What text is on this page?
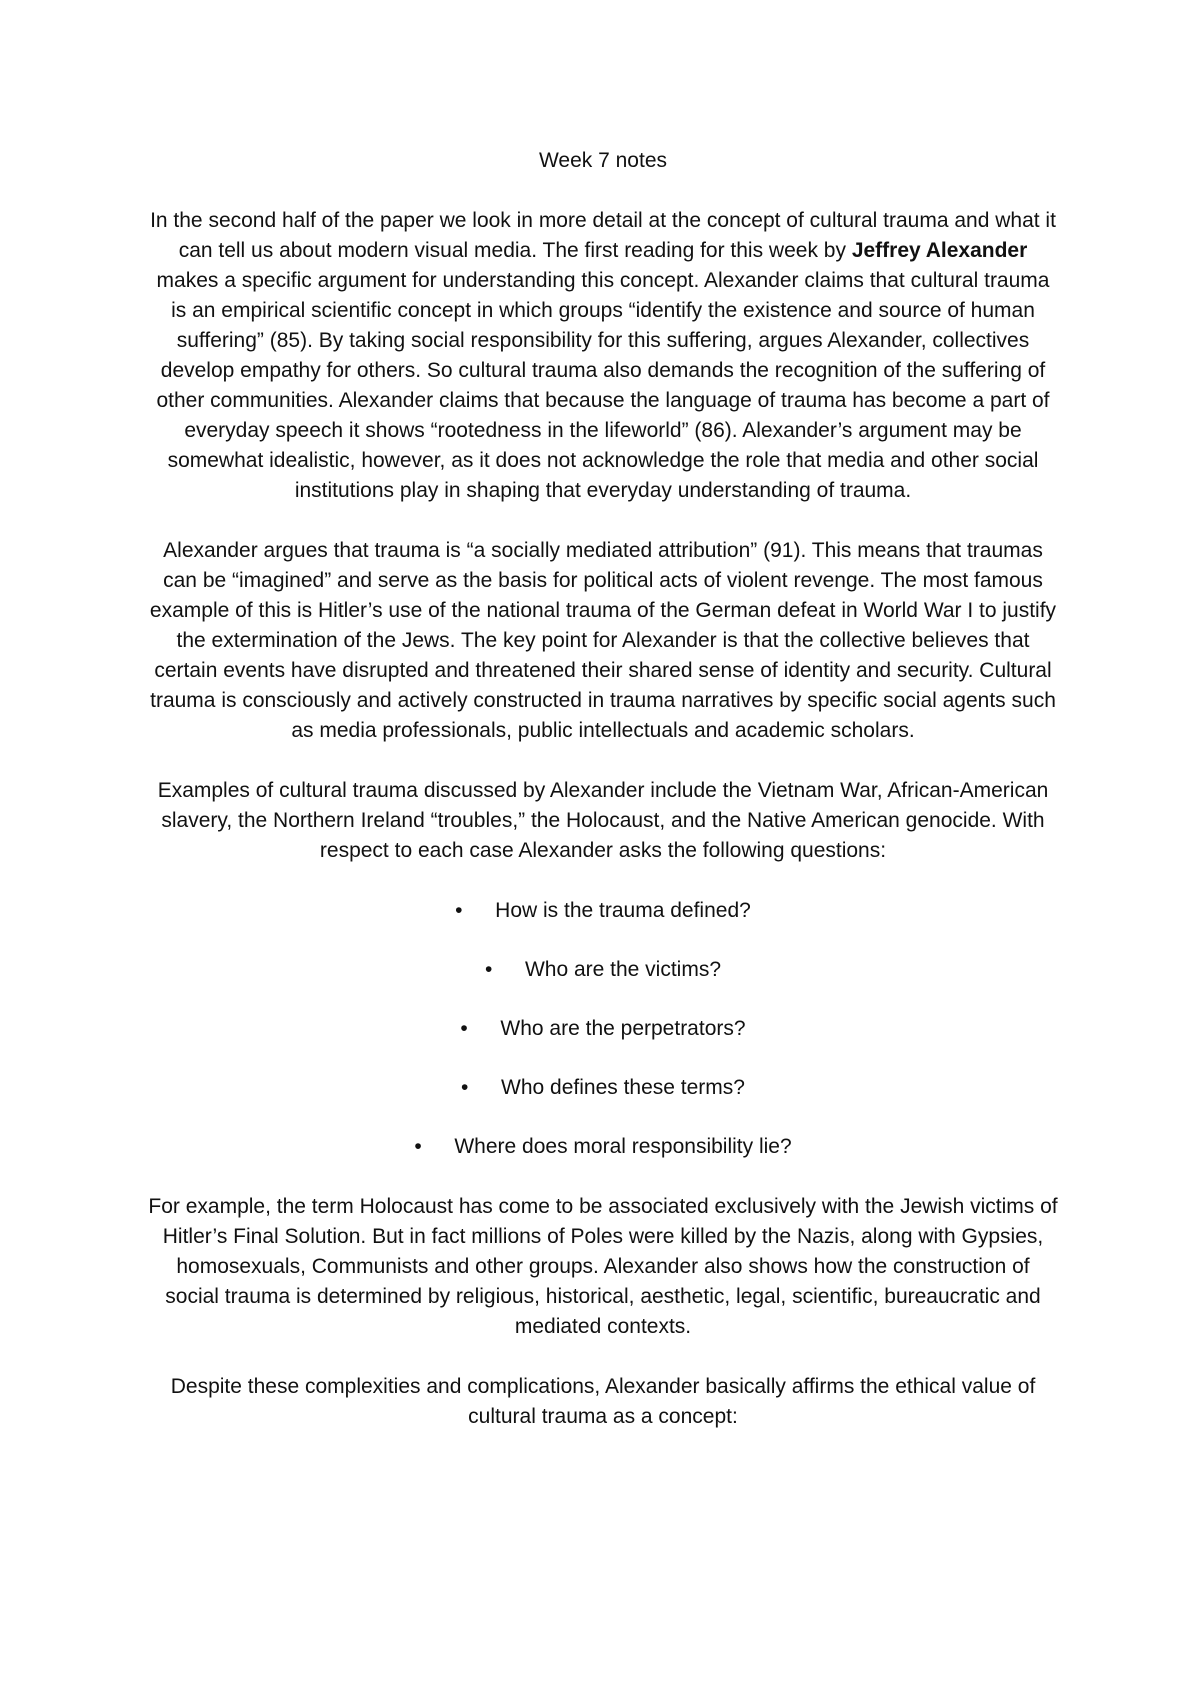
Week 7 notes

In the second half of the paper we look in more detail at the concept of cultural trauma and what it can tell us about modern visual media. The first reading for this week by Jeffrey Alexander makes a specific argument for understanding this concept. Alexander claims that cultural trauma is an empirical scientific concept in which groups “identify the existence and source of human suffering” (85). By taking social responsibility for this suffering, argues Alexander, collectives develop empathy for others. So cultural trauma also demands the recognition of the suffering of other communities. Alexander claims that because the language of trauma has become a part of everyday speech it shows “rootedness in the lifeworld” (86). Alexander’s argument may be somewhat idealistic, however, as it does not acknowledge the role that media and other social institutions play in shaping that everyday understanding of trauma.

Alexander argues that trauma is “a socially mediated attribution” (91). This means that traumas can be “imagined” and serve as the basis for political acts of violent revenge. The most famous example of this is Hitler’s use of the national trauma of the German defeat in World War I to justify the extermination of the Jews. The key point for Alexander is that the collective believes that certain events have disrupted and threatened their shared sense of identity and security. Cultural trauma is consciously and actively constructed in trauma narratives by specific social agents such as media professionals, public intellectuals and academic scholars.

Examples of cultural trauma discussed by Alexander include the Vietnam War, African-American slavery, the Northern Ireland “troubles,” the Holocaust, and the Native American genocide. With respect to each case Alexander asks the following questions:

• How is the trauma defined?
• Who are the victims?
• Who are the perpetrators?
• Who defines these terms?
• Where does moral responsibility lie?

For example, the term Holocaust has come to be associated exclusively with the Jewish victims of Hitler’s Final Solution. But in fact millions of Poles were killed by the Nazis, along with Gypsies, homosexuals, Communists and other groups. Alexander also shows how the construction of social trauma is determined by religious, historical, aesthetic, legal, scientific, bureaucratic and mediated contexts.

Despite these complexities and complications, Alexander basically affirms the ethical value of cultural trauma as a concept:
